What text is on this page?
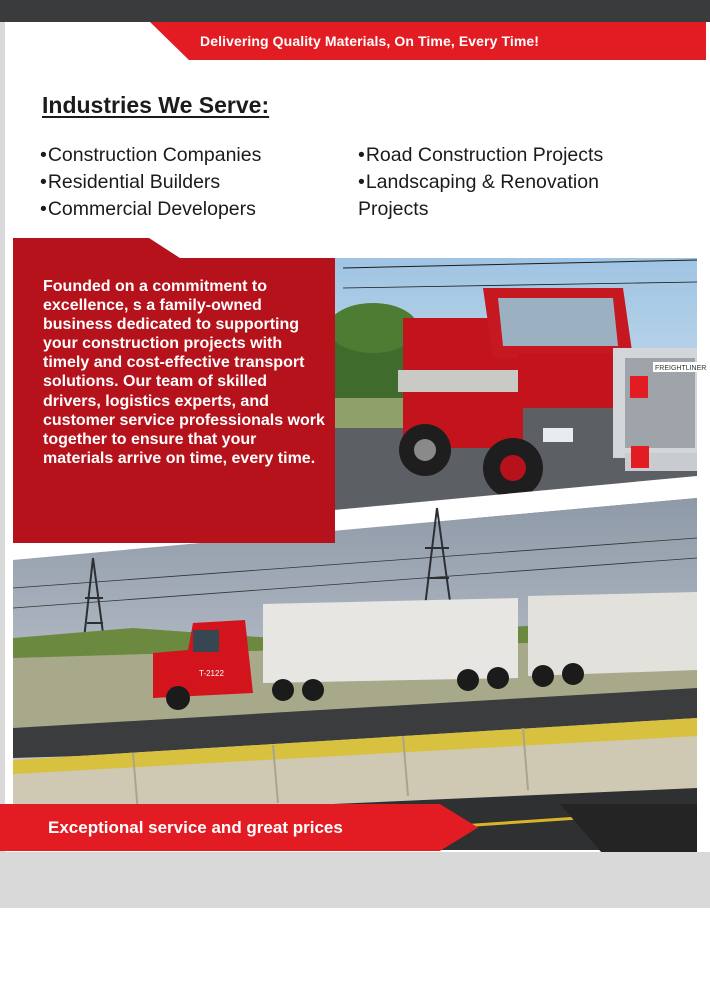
Delivering Quality Materials, On Time, Every Time!
Industries We Serve:
• Construction Companies
• Residential Builders
• Commercial Developers
• Road Construction Projects
• Landscaping & Renovation Projects
T-2122
FREIGHTLINER

Founded on a commitment to excellence, s a family-owned business dedicated to supporting your construction projects with timely and cost-effective transport solutions. Our team of skilled drivers, logistics experts, and customer service professionals work together to ensure that your materials arrive on time, every time.

Exceptional service and great prices
